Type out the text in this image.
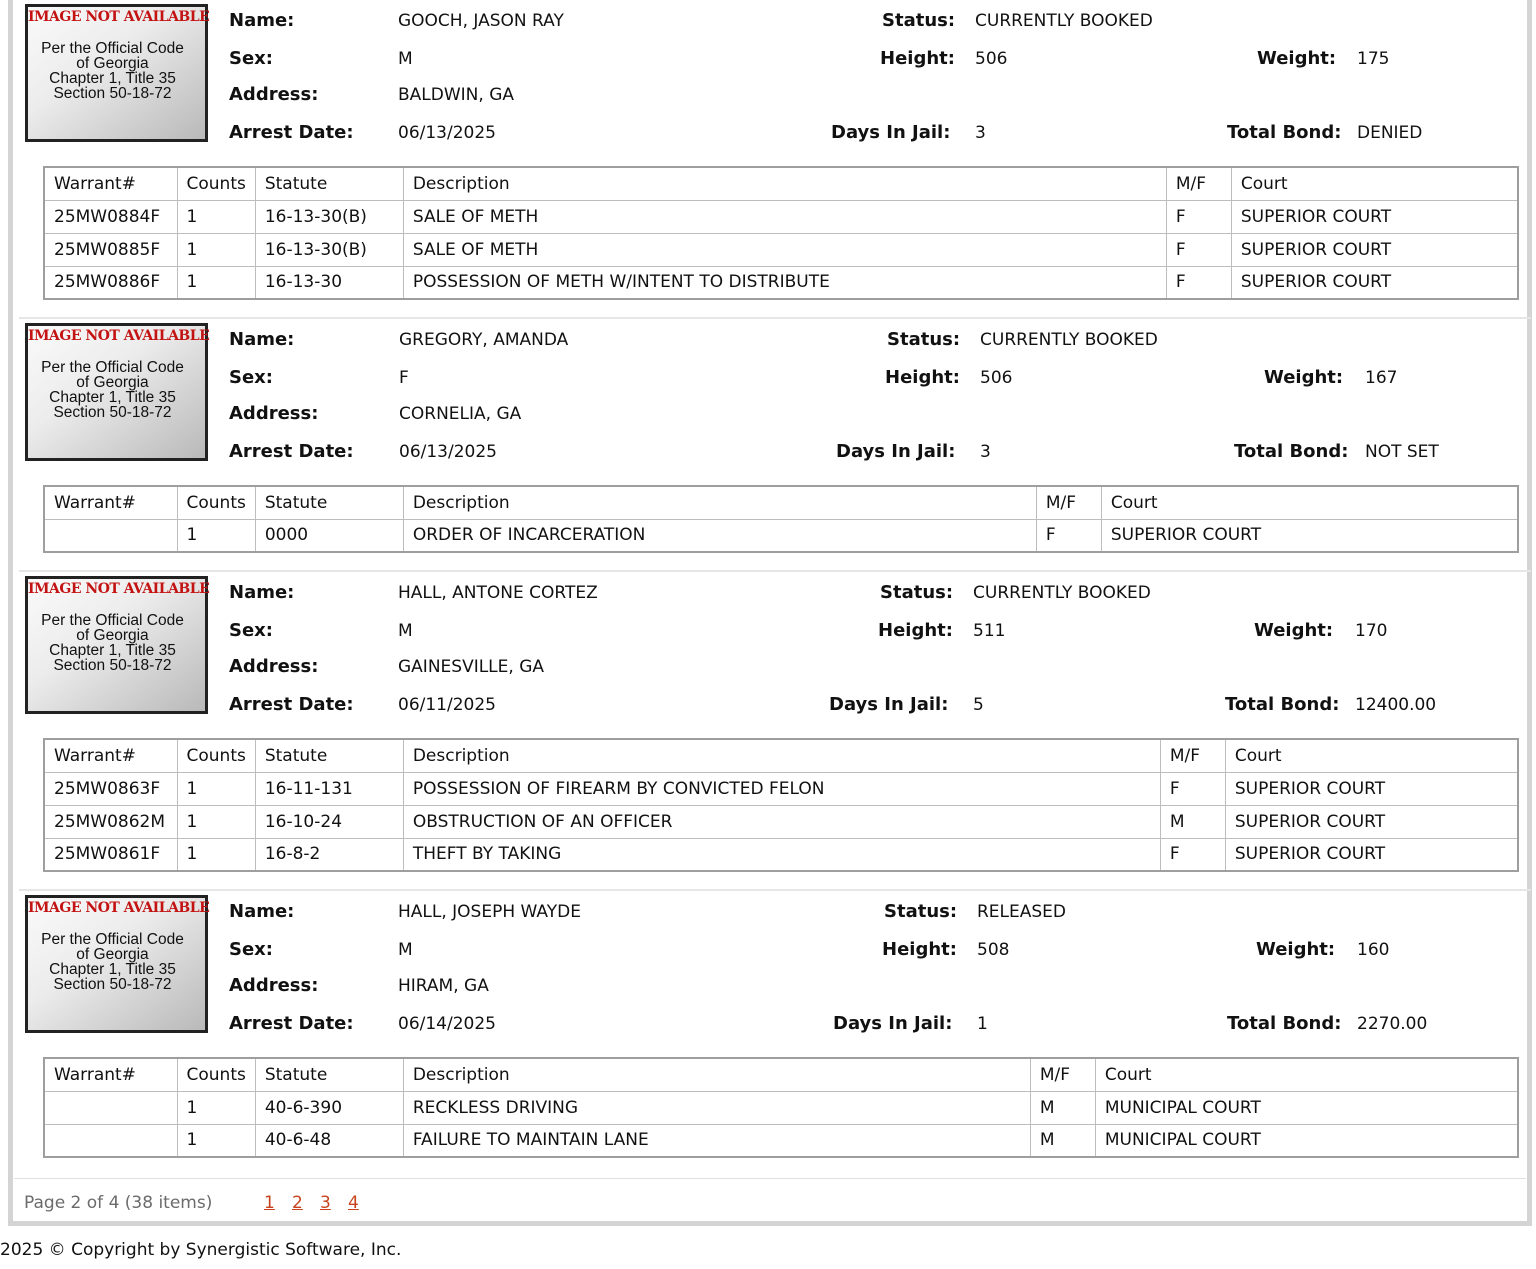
IMAGE NOT AVAILABLE
Per the Official Code
of Georgia
Chapter 1, Title 35
Section 50-18-72
Name:	GOOCH, JASON RAY
Sex:	M
Address:	BALDWIN, GA
Arrest Date:	06/13/2025
Status: CURRENTLY BOOKED
Height: 506
Days In Jail: 3
Weight: 175
Total Bond: DENIED
Warrant#	Counts	Statute	Description	M/F	Court
25MW0884F	1	16-13-30(B)	SALE OF METH	F	SUPERIOR COURT
25MW0885F	1	16-13-30(B)	SALE OF METH	F	SUPERIOR COURT
25MW0886F	1	16-13-30	POSSESSION OF METH W/INTENT TO DISTRIBUTE	F	SUPERIOR COURT
IMAGE NOT AVAILABLE
Per the Official Code
of Georgia
Chapter 1, Title 35
Section 50-18-72
Name:	GREGORY, AMANDA
Sex:	F
Address:	CORNELIA, GA
Arrest Date:	06/13/2025
Status: CURRENTLY BOOKED
Height: 506
Days In Jail: 3
Weight: 167
Total Bond: NOT SET
Warrant#	Counts	Statute	Description	M/F	Court
	1	0000	ORDER OF INCARCERATION	F	SUPERIOR COURT
IMAGE NOT AVAILABLE
Per the Official Code
of Georgia
Chapter 1, Title 35
Section 50-18-72
Name:	HALL, ANTONE CORTEZ
Sex:	M
Address:	GAINESVILLE, GA
Arrest Date:	06/11/2025
Status: CURRENTLY BOOKED
Height: 511
Days In Jail: 5
Weight: 170
Total Bond: 12400.00
Warrant#	Counts	Statute	Description	M/F	Court
25MW0863F	1	16-11-131	POSSESSION OF FIREARM BY CONVICTED FELON	F	SUPERIOR COURT
25MW0862M	1	16-10-24	OBSTRUCTION OF AN OFFICER	M	SUPERIOR COURT
25MW0861F	1	16-8-2	THEFT BY TAKING	F	SUPERIOR COURT
IMAGE NOT AVAILABLE
Per the Official Code
of Georgia
Chapter 1, Title 35
Section 50-18-72
Name:	HALL, JOSEPH WAYDE
Sex:	M
Address:	HIRAM, GA
Arrest Date:	06/14/2025
Status: RELEASED
Height: 508
Days In Jail: 1
Weight: 160
Total Bond: 2270.00
Warrant#	Counts	Statute	Description	M/F	Court
	1	40-6-390	RECKLESS DRIVING	M	MUNICIPAL COURT
	1	40-6-48	FAILURE TO MAINTAIN LANE	M	MUNICIPAL COURT
Page 2 of 4 (38 items)	1 2 3 4
2025 © Copyright by Synergistic Software, Inc.
